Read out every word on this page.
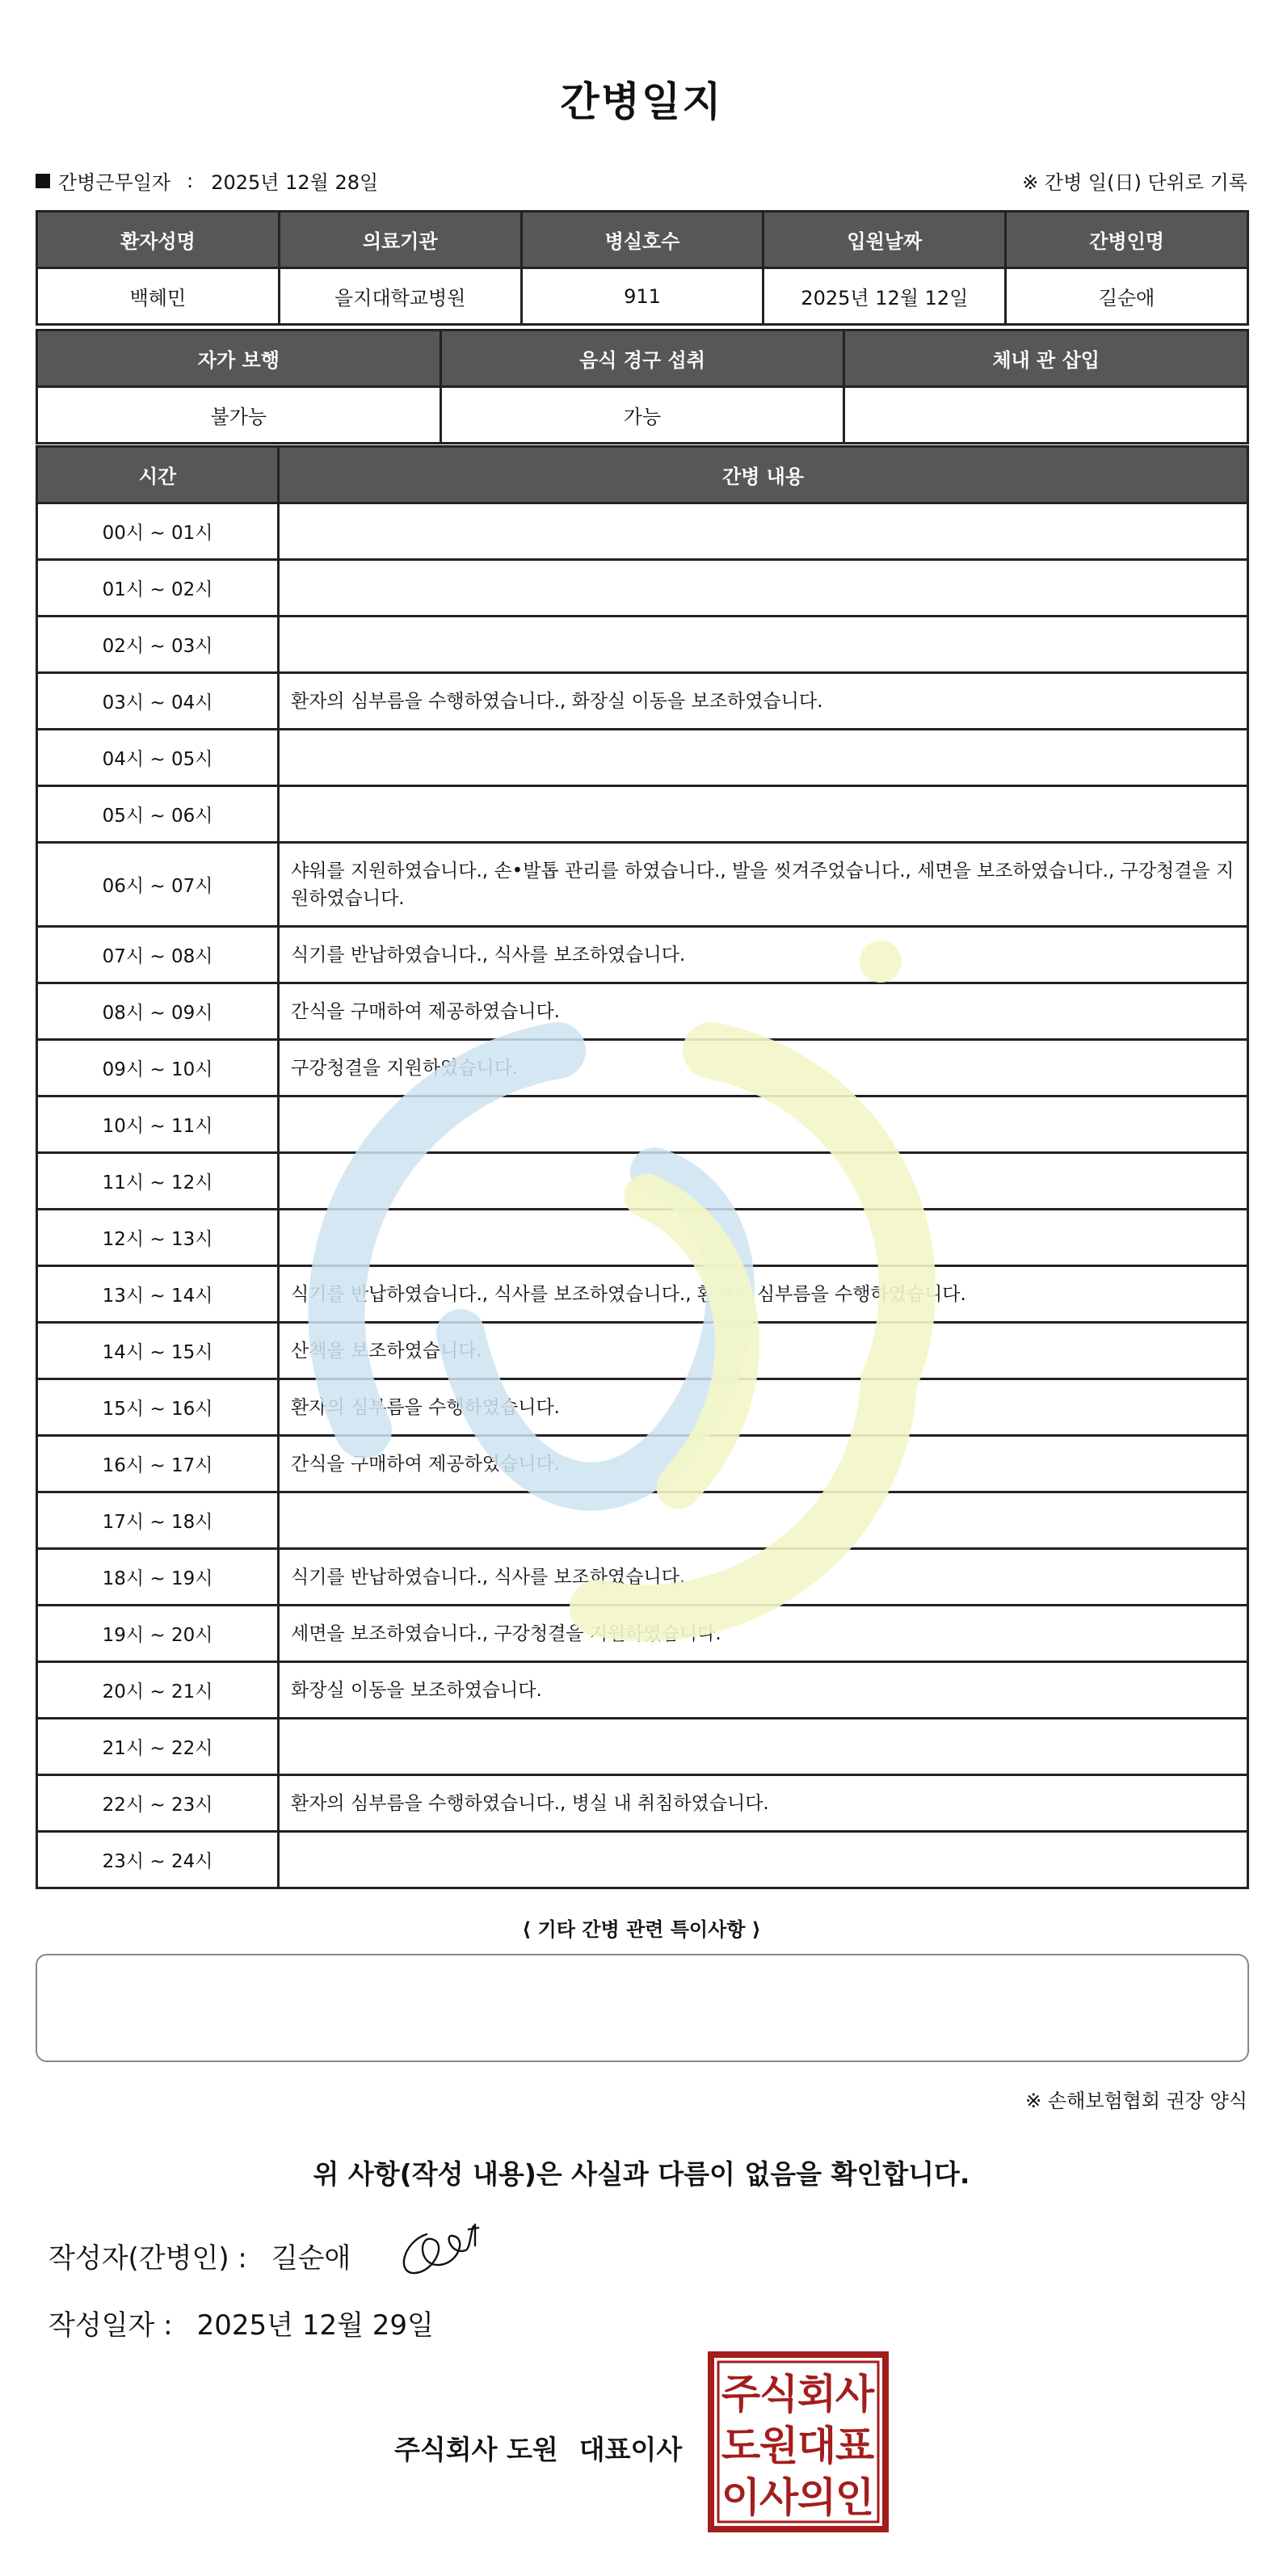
간병일지
간병근무일자 : 2025년 12월 28일	※ 간병 일(日) 단위로 기록
환자성명	의료기관	병실호수	입원날짜	간병인명
백혜민	을지대학교병원	911	2025년 12월 12일	길순애
자가 보행	음식 경구 섭취	체내 관 삽입
불가능	가능	
시간	간병 내용
00시 ~ 01시	
01시 ~ 02시	
02시 ~ 03시	
03시 ~ 04시	환자의 심부름을 수행하였습니다., 화장실 이동을 보조하였습니다.
04시 ~ 05시	
05시 ~ 06시	
06시 ~ 07시	샤워를 지원하였습니다., 손•발톱 관리를 하였습니다., 발을 씻겨주었습니다., 세면을 보조하였습니다., 구강청결을 지원하였습니다.
07시 ~ 08시	식기를 반납하였습니다., 식사를 보조하였습니다.
08시 ~ 09시	간식을 구매하여 제공하였습니다.
09시 ~ 10시	구강청결을 지원하였습니다.
10시 ~ 11시	
11시 ~ 12시	
12시 ~ 13시	
13시 ~ 14시	식기를 반납하였습니다., 식사를 보조하였습니다., 환자의 심부름을 수행하였습니다.
14시 ~ 15시	산책을 보조하였습니다.
15시 ~ 16시	환자의 심부름을 수행하였습니다.
16시 ~ 17시	간식을 구매하여 제공하였습니다.
17시 ~ 18시	
18시 ~ 19시	식기를 반납하였습니다., 식사를 보조하였습니다.
19시 ~ 20시	세면을 보조하였습니다., 구강청결을 지원하였습니다.
20시 ~ 21시	화장실 이동을 보조하였습니다.
21시 ~ 22시	
22시 ~ 23시	환자의 심부름을 수행하였습니다., 병실 내 취침하였습니다.
23시 ~ 24시	
⟨ 기타 간병 관련 특이사항 ⟩
※ 손해보험협회 권장 양식
위 사항(작성 내용)은 사실과 다름이 없음을 확인합니다.
작성자(간병인) : 길순애
작성일자 : 2025년 12월 29일
주식회사 도원 대표이사
주
식
회
사
도
원
대
표
이
사
의
인
